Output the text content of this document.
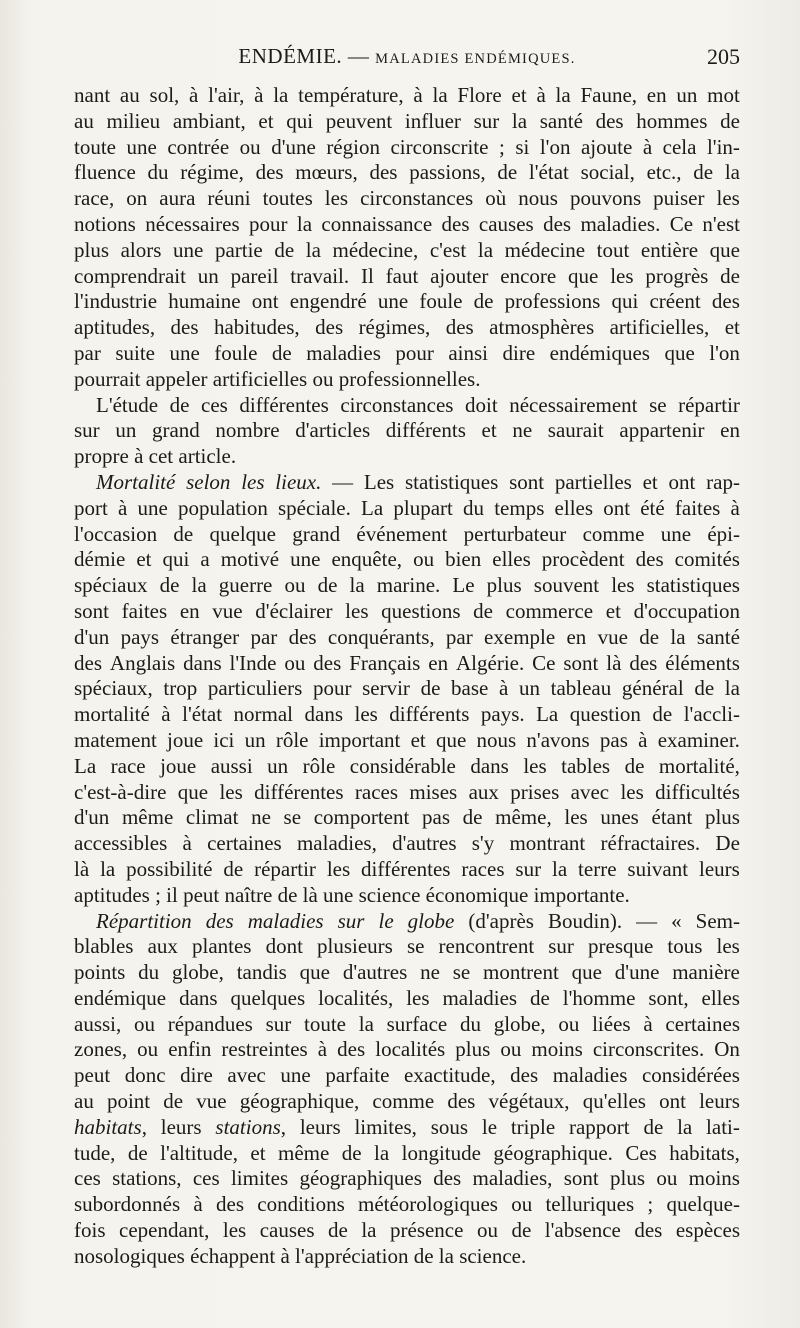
ENDÉMIE. — MALADIES ENDÉMIQUES.	205
nant au sol, à l'air, à la température, à la Flore et à la Faune, en un mot
au milieu ambiant, et qui peuvent influer sur la santé des hommes de
toute une contrée ou d'une région circonscrite ; si l'on ajoute à cela l'in-
fluence du régime, des mœurs, des passions, de l'état social, etc., de la
race, on aura réuni toutes les circonstances où nous pouvons puiser les
notions nécessaires pour la connaissance des causes des maladies. Ce n'est
plus alors une partie de la médecine, c'est la médecine tout entière que
comprendrait un pareil travail. Il faut ajouter encore que les progrès de
l'industrie humaine ont engendré une foule de professions qui créent des
aptitudes, des habitudes, des régimes, des atmosphères artificielles, et
par suite une foule de maladies pour ainsi dire endémiques que l'on
pourrait
appeler
artificielles
ou
professionnelles.

L'étude de ces différentes circonstances doit nécessairement se répartir
sur un grand nombre d'articles différents et ne saurait appartenir en
propre
à
cet
article.

Mortalité selon les lieux. — Les statistiques sont partielles et ont rap-
port à une population spéciale. La plupart du temps elles ont été faites à
l'occasion de quelque grand événement perturbateur comme une épi-
démie et qui a motivé une enquête, ou bien elles procèdent des comités
spéciaux de la guerre ou de la marine. Le plus souvent les statistiques
sont faites en vue d'éclairer les questions de commerce et d'occupation
d'un pays étranger par des conquérants, par exemple en vue de la santé
des Anglais dans l'Inde ou des Français en Algérie. Ce sont là des éléments
spéciaux, trop particuliers pour servir de base à un tableau général de la
mortalité à l'état normal dans les différents pays. La question de l'accli-
matement joue ici un rôle important et que nous n'avons pas à examiner.
La race joue aussi un rôle considérable dans les tables de mortalité,
c'est-à-dire que les différentes races mises aux prises avec les difficultés
d'un même climat ne se comportent pas de même, les unes étant plus
accessibles à certaines maladies, d'autres s'y montrant réfractaires. De
là la possibilité de répartir les différentes races sur la terre suivant leurs
aptitudes
;
il
peut
naître
de
là
une
science
économique
importante.

Répartition des maladies sur le globe (d'après Boudin). — « Sem-
blables aux plantes dont plusieurs se rencontrent sur presque tous les
points du globe, tandis que d'autres ne se montrent que d'une manière
endémique dans quelques localités, les maladies de l'homme sont, elles
aussi, ou répandues sur toute la surface du globe, ou liées à certaines
zones, ou enfin restreintes à des localités plus ou moins circonscrites. On
peut donc dire avec une parfaite exactitude, des maladies considérées
au point de vue géographique, comme des végétaux, qu'elles ont leurs
habitats, leurs stations, leurs limites, sous le triple rapport de la lati-
tude, de l'altitude, et même de la longitude géographique. Ces habitats,
ces stations, ces limites géographiques des maladies, sont plus ou moins
subordonnés à des conditions météorologiques ou telluriques ; quelque-
fois cependant, les causes de la présence ou de l'absence des espèces
nosologiques
échappent
à
l'appréciation
de
la
science.
